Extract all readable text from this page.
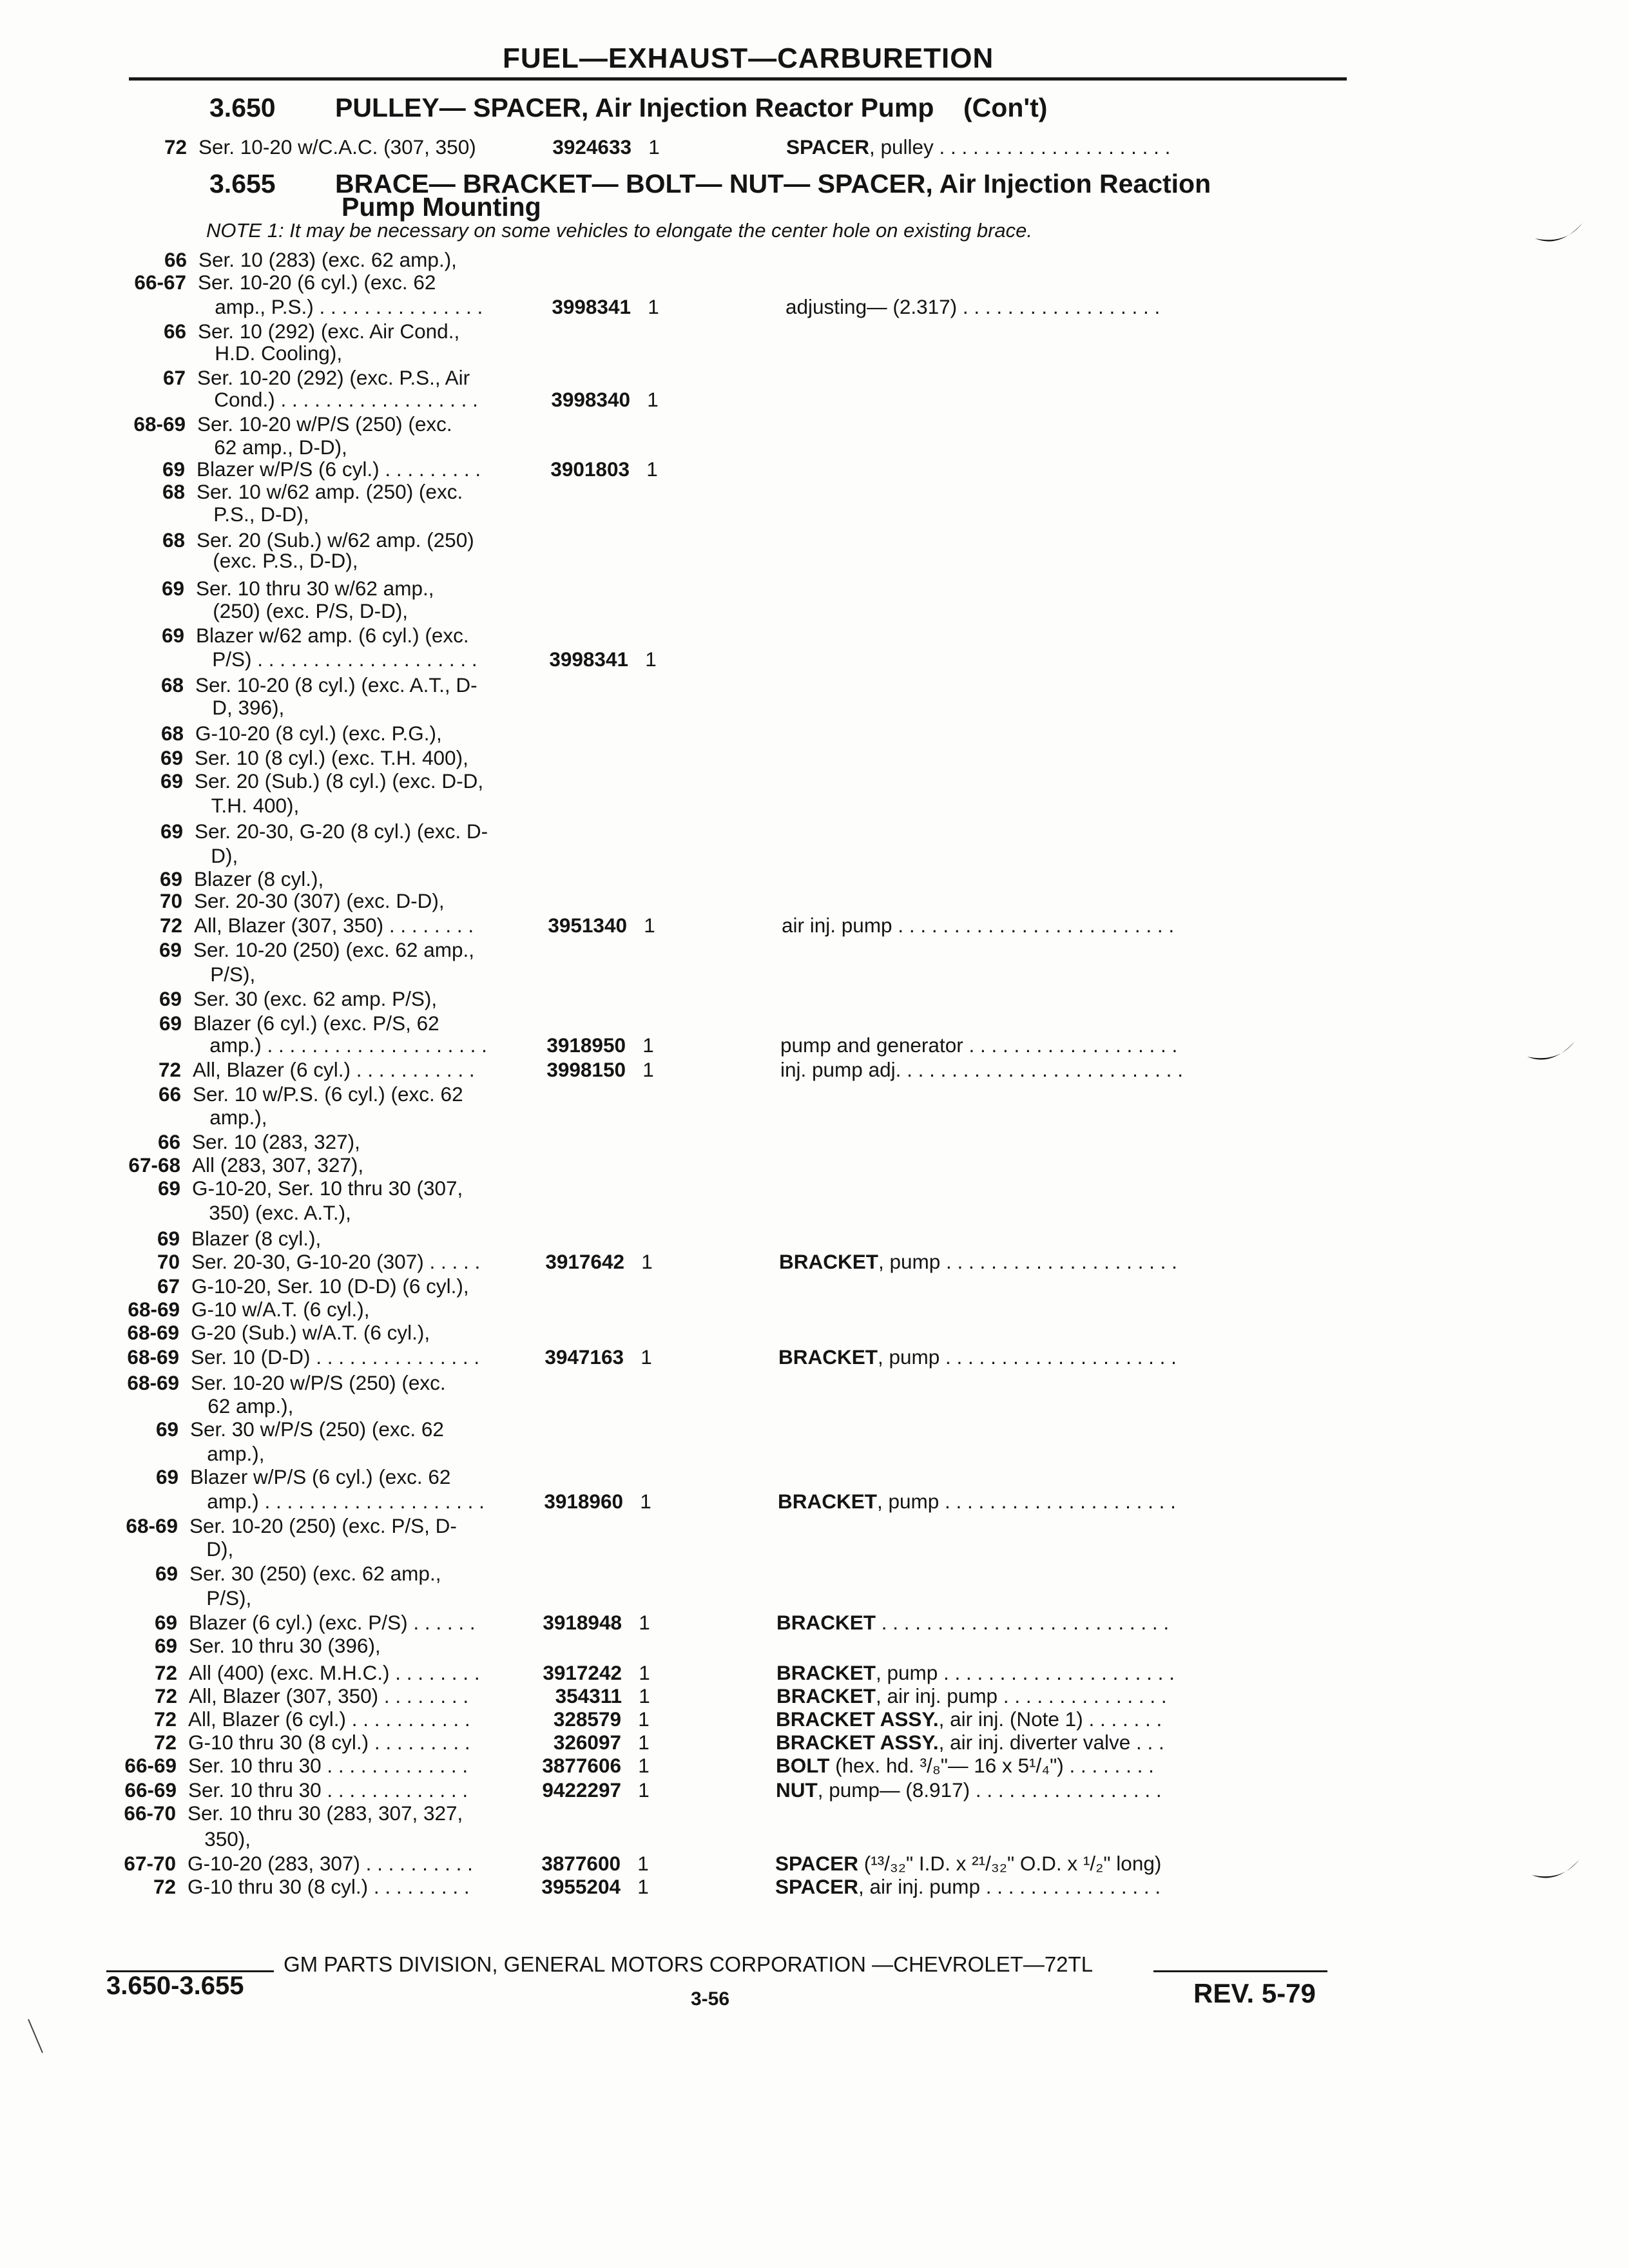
FUEL—EXHAUST—CARBURETION
3.650 PULLEY— SPACER, Air Injection Reactor Pump    (Con't)
3.655 BRACE— BRACKET— BOLT— NUT— SPACER, Air Injection Reaction
Pump Mounting
NOTE 1: It may be necessary on some vehicles to elongate the center hole on existing brace.
72 Ser. 10-20 w/C.A.C. (307, 350)	3924633 1	SPACER, pulley . . . . . . . . . . . . . . . . . . . . .
66 Ser. 10 (283) (exc. 62 amp.),
66-67 Ser. 10-20 (6 cyl.) (exc. 62
amp., P.S.) . . . . . . . . . . . . . . .	3998341 1	adjusting— (2.317) . . . . . . . . . . . . . . . . . .
66 Ser. 10 (292) (exc. Air Cond.,
H.D. Cooling),
67 Ser. 10-20 (292) (exc. P.S., Air
Cond.) . . . . . . . . . . . . . . . . . .	3998340 1
68-69 Ser. 10-20 w/P/S (250) (exc.
62 amp., D-D),
69 Blazer w/P/S (6 cyl.) . . . . . . . . .	3901803 1
68 Ser. 10 w/62 amp. (250) (exc.
P.S., D-D),
68 Ser. 20 (Sub.) w/62 amp. (250)
(exc. P.S., D-D),
69 Ser. 10 thru 30 w/62 amp.,
(250) (exc. P/S, D-D),
69 Blazer w/62 amp. (6 cyl.) (exc.
P/S) . . . . . . . . . . . . . . . . . . . .	3998341 1
68 Ser. 10-20 (8 cyl.) (exc. A.T., D-
D, 396),
68 G-10-20 (8 cyl.) (exc. P.G.),
69 Ser. 10 (8 cyl.) (exc. T.H. 400),
69 Ser. 20 (Sub.) (8 cyl.) (exc. D-D,
T.H. 400),
69 Ser. 20-30, G-20 (8 cyl.) (exc. D-
D),
69 Blazer (8 cyl.),
70 Ser. 20-30 (307) (exc. D-D),
72 All, Blazer (307, 350) . . . . . . . .	3951340 1	air inj. pump . . . . . . . . . . . . . . . . . . . . . . . . .
69 Ser. 10-20 (250) (exc. 62 amp.,
P/S),
69 Ser. 30 (exc. 62 amp. P/S),
69 Blazer (6 cyl.) (exc. P/S, 62
amp.) . . . . . . . . . . . . . . . . . . . .	3918950 1	pump and generator . . . . . . . . . . . . . . . . . . .
72 All, Blazer (6 cyl.) . . . . . . . . . . .	3998150 1	inj. pump adj. . . . . . . . . . . . . . . . . . . . . . . . . .
66 Ser. 10 w/P.S. (6 cyl.) (exc. 62
amp.),
66 Ser. 10 (283, 327),
67-68 All (283, 307, 327),
69 G-10-20, Ser. 10 thru 30 (307,
350) (exc. A.T.),
69 Blazer (8 cyl.),
70 Ser. 20-30, G-10-20 (307) . . . . .	3917642 1	BRACKET, pump . . . . . . . . . . . . . . . . . . . . .
67 G-10-20, Ser. 10 (D-D) (6 cyl.),
68-69 G-10 w/A.T. (6 cyl.),
68-69 G-20 (Sub.) w/A.T. (6 cyl.),
68-69 Ser. 10 (D-D) . . . . . . . . . . . . . . .	3947163 1	BRACKET, pump . . . . . . . . . . . . . . . . . . . . .
68-69 Ser. 10-20 w/P/S (250) (exc.
62 amp.),
69 Ser. 30 w/P/S (250) (exc. 62
amp.),
69 Blazer w/P/S (6 cyl.) (exc. 62
amp.) . . . . . . . . . . . . . . . . . . . .	3918960 1	BRACKET, pump . . . . . . . . . . . . . . . . . . . . .
68-69 Ser. 10-20 (250) (exc. P/S, D-
D),
69 Ser. 30 (250) (exc. 62 amp.,
P/S),
69 Blazer (6 cyl.) (exc. P/S) . . . . . .	3918948 1	BRACKET . . . . . . . . . . . . . . . . . . . . . . . . . .
69 Ser. 10 thru 30 (396),
72 All (400) (exc. M.H.C.) . . . . . . . .	3917242 1	BRACKET, pump . . . . . . . . . . . . . . . . . . . . .
72 All, Blazer (307, 350) . . . . . . . .	354311 1	BRACKET, air inj. pump . . . . . . . . . . . . . . .
72 All, Blazer (6 cyl.) . . . . . . . . . . .	328579 1	BRACKET ASSY., air inj. (Note 1) . . . . . . .
72 G-10 thru 30 (8 cyl.) . . . . . . . . .	326097 1	BRACKET ASSY., air inj. diverter valve . . .
66-69 Ser. 10 thru 30 . . . . . . . . . . . . .	3877606 1	BOLT (hex. hd. ³/₈"— 16 x 5¹/₄") . . . . . . . .
66-69 Ser. 10 thru 30 . . . . . . . . . . . . .	9422297 1	NUT, pump— (8.917) . . . . . . . . . . . . . . . . .
66-70 Ser. 10 thru 30 (283, 307, 327,
350),
67-70 G-10-20 (283, 307) . . . . . . . . . .	3877600 1	SPACER (¹³/₃₂" I.D. x ²¹/₃₂" O.D. x ¹/₂" long)
72 G-10 thru 30 (8 cyl.) . . . . . . . . .	3955204 1	SPACER, air inj. pump . . . . . . . . . . . . . . . .
GM PARTS DIVISION, GENERAL MOTORS CORPORATION —CHEVROLET—72TL
3.650-3.655	3-56	REV. 5-79
